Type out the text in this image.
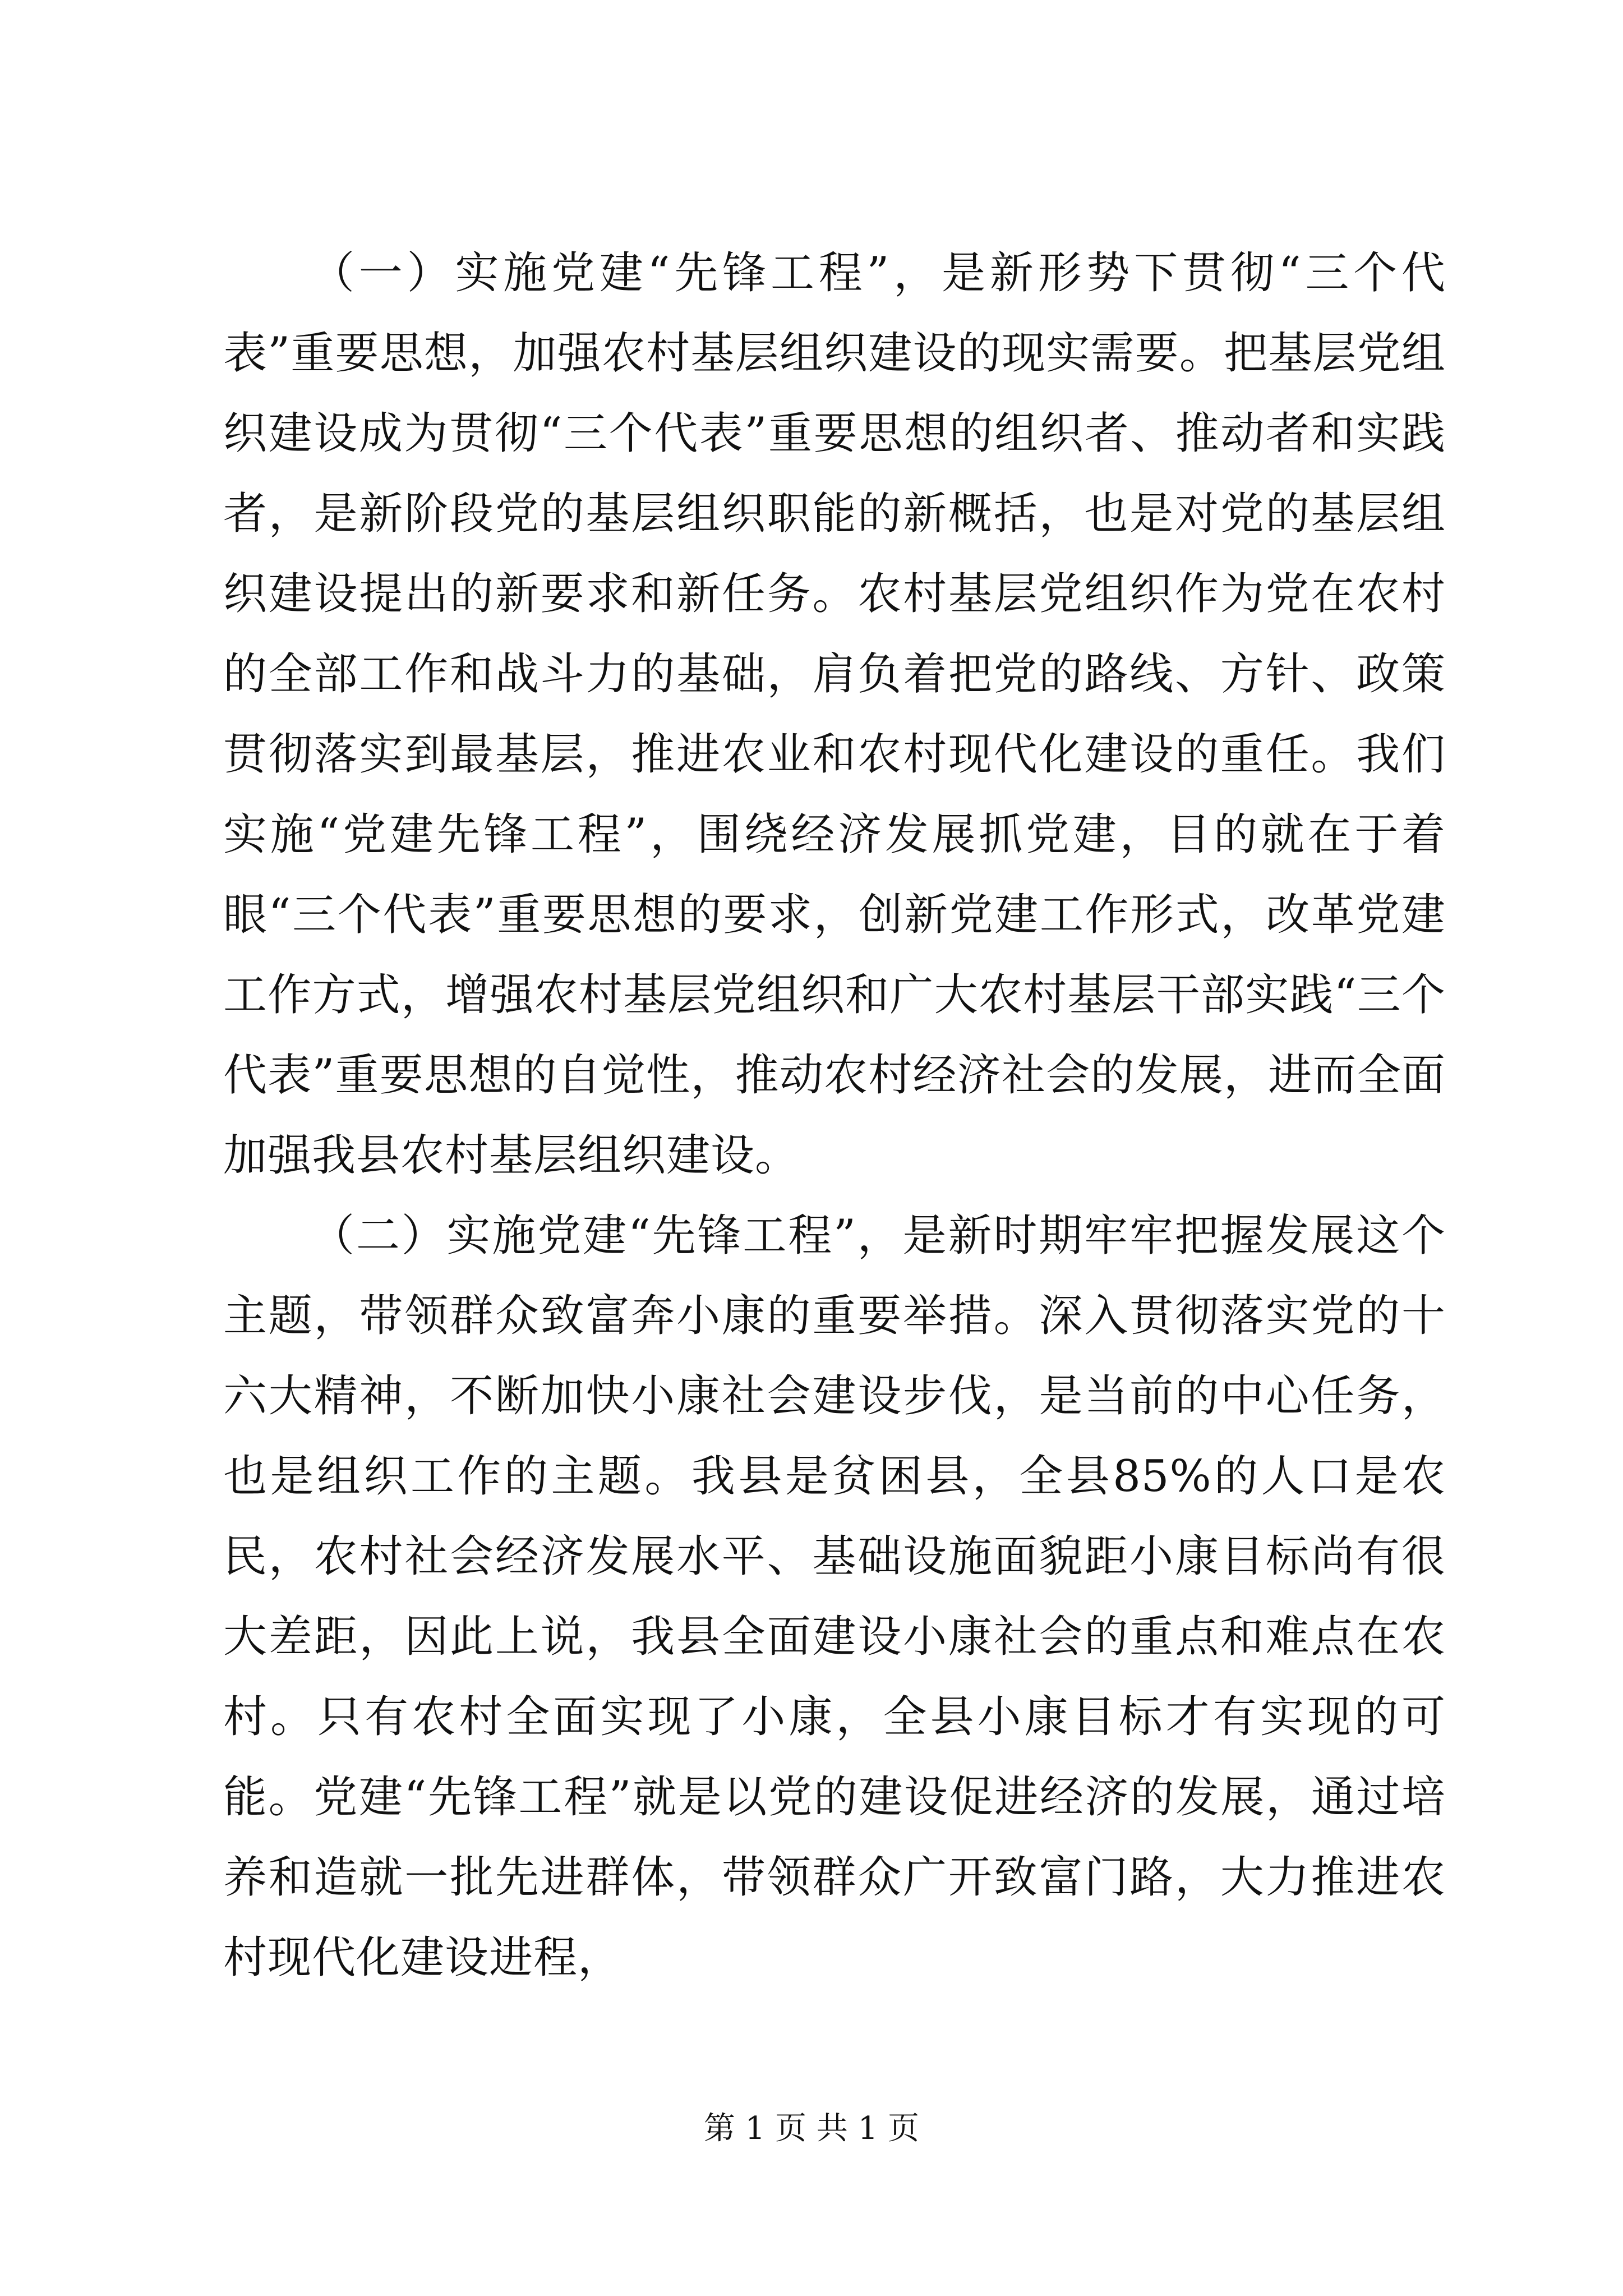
（一）实施党建“先锋工程”，是新形势下贯彻“三个代表”重要思想，加强农村基层组织建设的现实需要。把基层党组织建设成为贯彻“三个代表”重要思想的组织者、推动者和实践者，是新阶段党的基层组织职能的新概括，也是对党的基层组织建设提出的新要求和新任务。农村基层党组织作为党在农村的全部工作和战斗力的基础，肩负着把党的路线、方针、政策贯彻落实到最基层，推进农业和农村现代化建设的重任。我们实施“党建先锋工程”，围绕经济发展抓党建，目的就在于着眼“三个代表”重要思想的要求，创新党建工作形式，改革党建工作方式，增强农村基层党组织和广大农村基层干部实践“三个代表”重要思想的自觉性，推动农村经济社会的发展，进而全面加强我县农村基层组织建设。

（二）实施党建“先锋工程”，是新时期牢牢把握发展这个主题，带领群众致富奔小康的重要举措。深入贯彻落实党的十六大精神，不断加快小康社会建设步伐，是当前的中心任务，也是组织工作的主题。我县是贫困县，全县85%的人口是农民，农村社会经济发展水平、基础设施面貌距小康目标尚有很大差距，因此上说，我县全面建设小康社会的重点和难点在农村。只有农村全面实现了小康，全县小康目标才有实现的可能。党建“先锋工程”就是以党的建设促进经济的发展，通过培养和造就一批先进群体，带领群众广开致富门路，大力推进农村现代化建设进程，

第 1 页 共 1 页
